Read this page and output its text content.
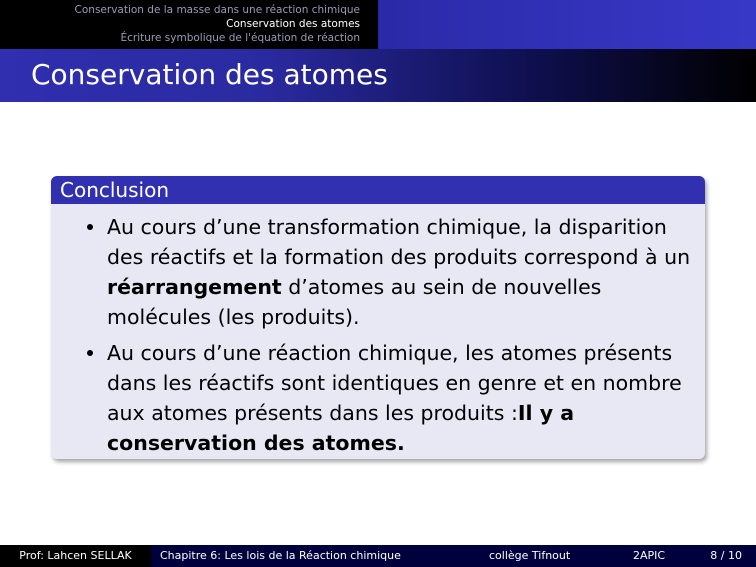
Conservation de la masse dans une réaction chimique
Conservation des atomes
Écriture symbolique de l'équation de réaction
Conservation des atomes
Conclusion
Au cours d’une transformation chimique, la disparition des réactifs et la formation des produits correspond à un réarrangement d’atomes au sein de nouvelles molécules (les produits).
Au cours d’une réaction chimique, les atomes présents dans les réactifs sont identiques en genre et en nombre aux atomes présents dans les produits :Il y a conservation des atomes.
Prof: Lahcen SELLAK	Chapitre 6: Les lois de la Réaction chimique	collège Tifnout	2APIC	8 / 10
